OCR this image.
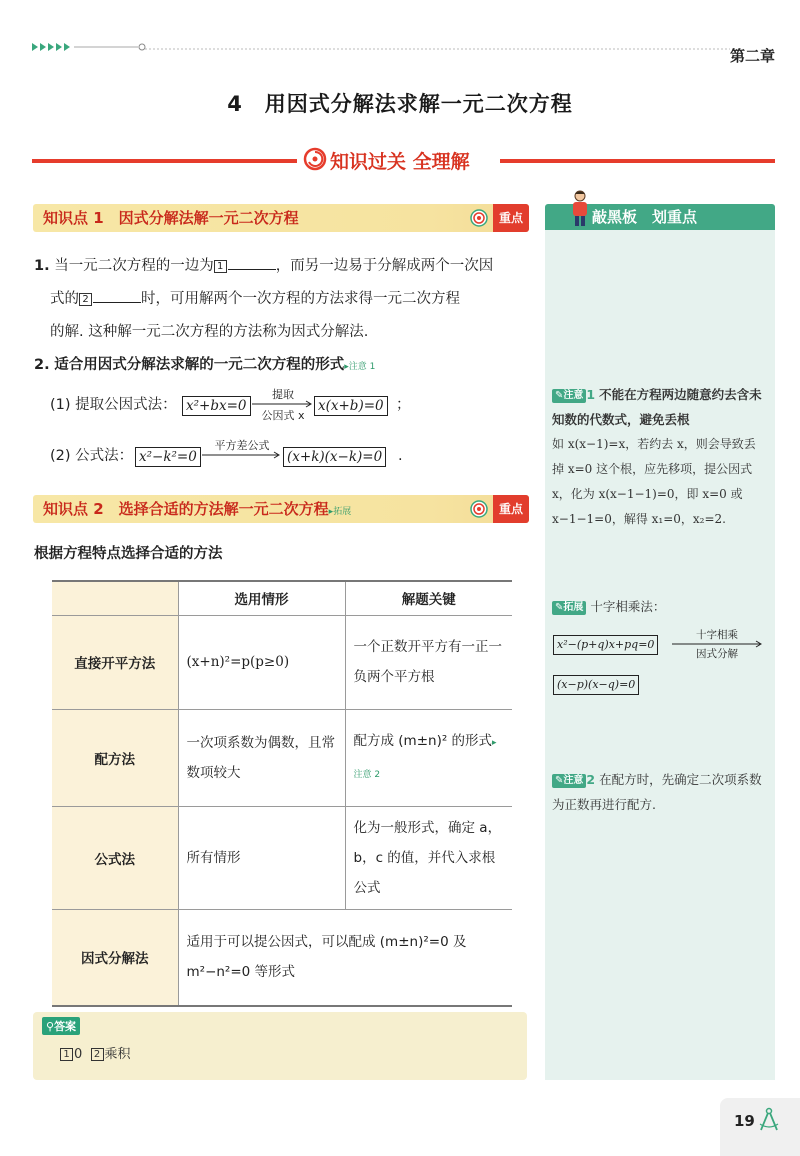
第二章
4　用因式分解法求解一元二次方程
知识过关 全理解
知识点 1　因式分解法解一元二次方程	重点
1. 当一元二次方程的一边为 1	，而另一边易于分解成两个一次因
式的 2	时，可用解两个一次方程的方法求得一元二次方程
的解. 这种解一元二次方程的方法称为因式分解法.
2. 适合用因式分解法求解的一元二次方程的形式▸注意 1
(1) 提取公因式法： x²+bx=0
提取
公因式 x
x(x+b)=0 ；
(2) 公式法： x²−k²=0
平方差公式
(x+k)(x−k)=0 .
知识点 2　选择合适的方法解一元二次方程▸拓展	重点
根据方程特点选择合适的方法
	选用情形	解题关键
直接开平方法	(x+n)²=p(p≥0)	一个正数开平方有一正一负两个平方根
配方法	一次项系数为偶数，且常数项较大	配方成 (m±n)² 的形式▸注意 2
公式法	所有情形	化为一般形式，确定 a，b，c 的值，并代入求根公式
因式分解法	适用于可以提公因式，可以配成 (m±n)²=0 及 m²−n²=0 等形式	
⚲答案
1 0 2 乘积
敲黑板　划重点
✎注意 1 不能在方程两边随意约去含未知数的代数式，避免丢根
如 x(x−1)=x，若约去 x，则会导致丢掉 x=0 这个根，应先移项，提公因式 x，化为 x(x−1−1)=0，即 x=0 或 x−1−1=0，解得 x₁=0，x₂=2.
✎拓展 十字相乘法：
x²−(p+q)x+pq=0
十字相乘
因式分解
(x−p)(x−q)=0
✎注意 2 在配方时，先确定二次项系数为正数再进行配方.
19
